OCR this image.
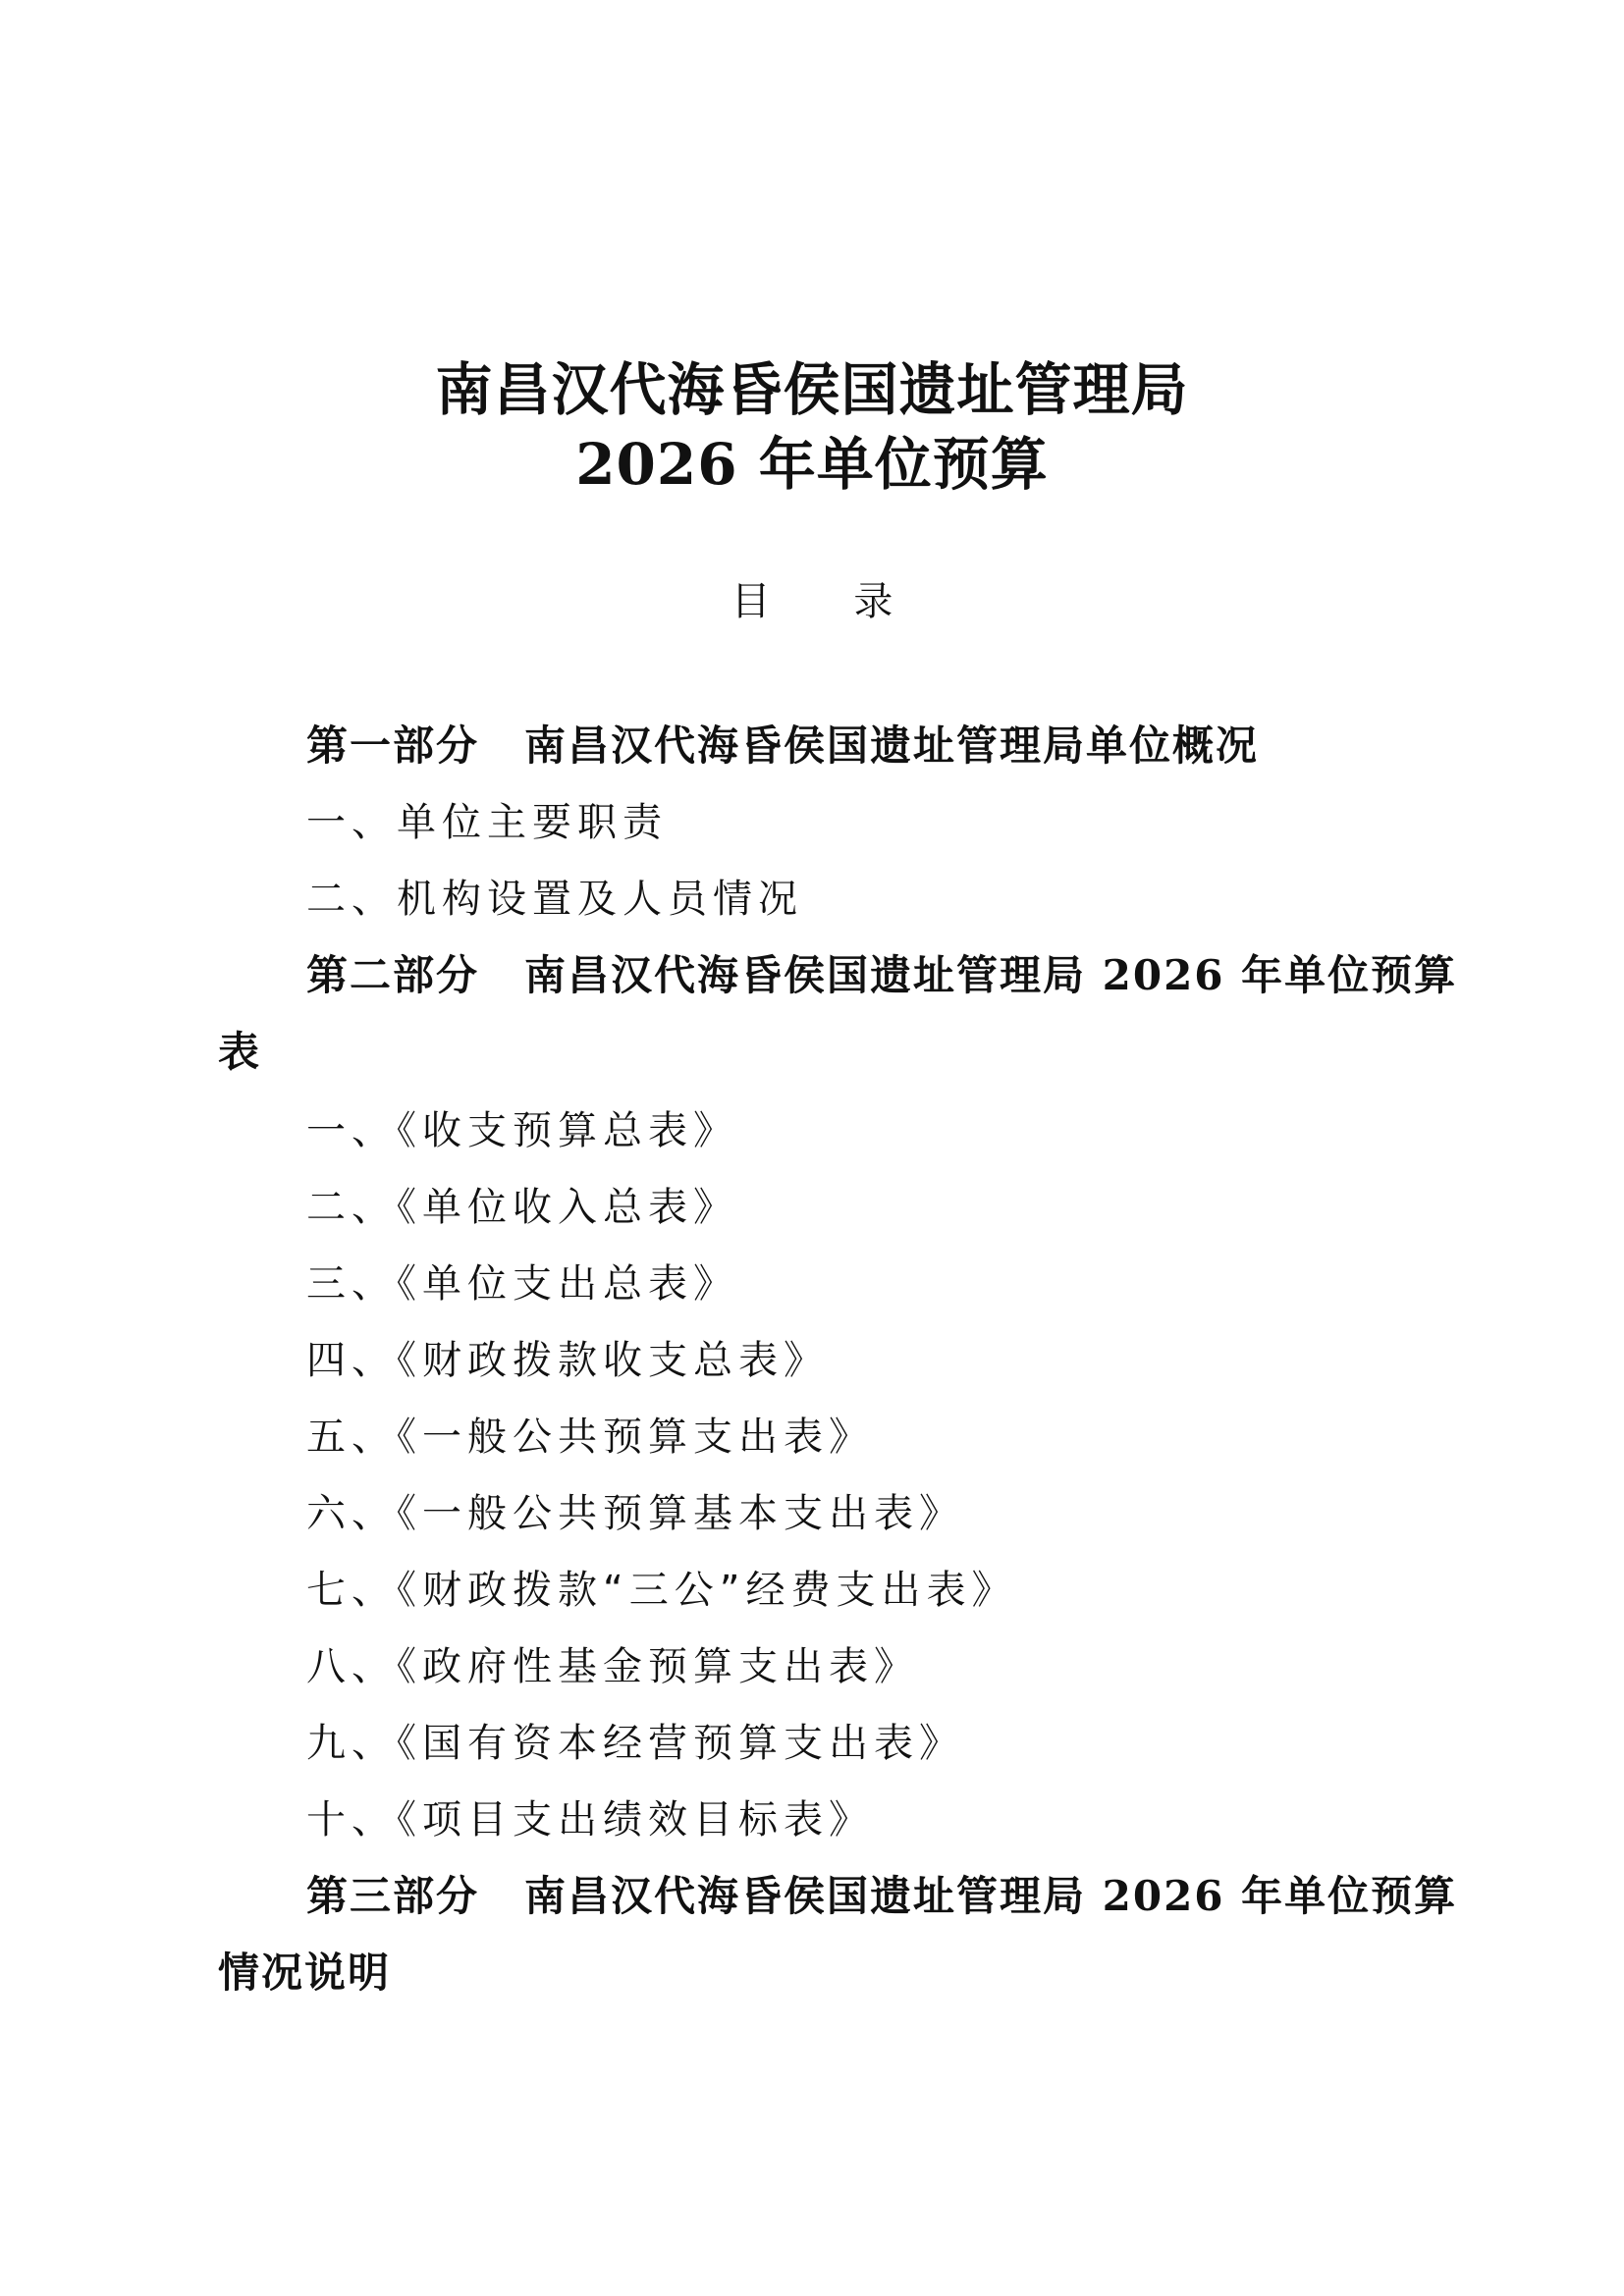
南昌汉代海昏侯国遗址管理局
2026 年单位预算
目 录
第一部分 南昌汉代海昏侯国遗址管理局单位概况
一、单位主要职责
二、机构设置及人员情况
第二部分 南昌汉代海昏侯国遗址管理局 2026 年单位预算
表
一、《收支预算总表》
二、《单位收入总表》
三、《单位支出总表》
四、《财政拨款收支总表》
五、《一般公共预算支出表》
六、《一般公共预算基本支出表》
七、《财政拨款“三公”经费支出表》
八、《政府性基金预算支出表》
九、《国有资本经营预算支出表》
十、《项目支出绩效目标表》
第三部分 南昌汉代海昏侯国遗址管理局 2026 年单位预算
情况说明
